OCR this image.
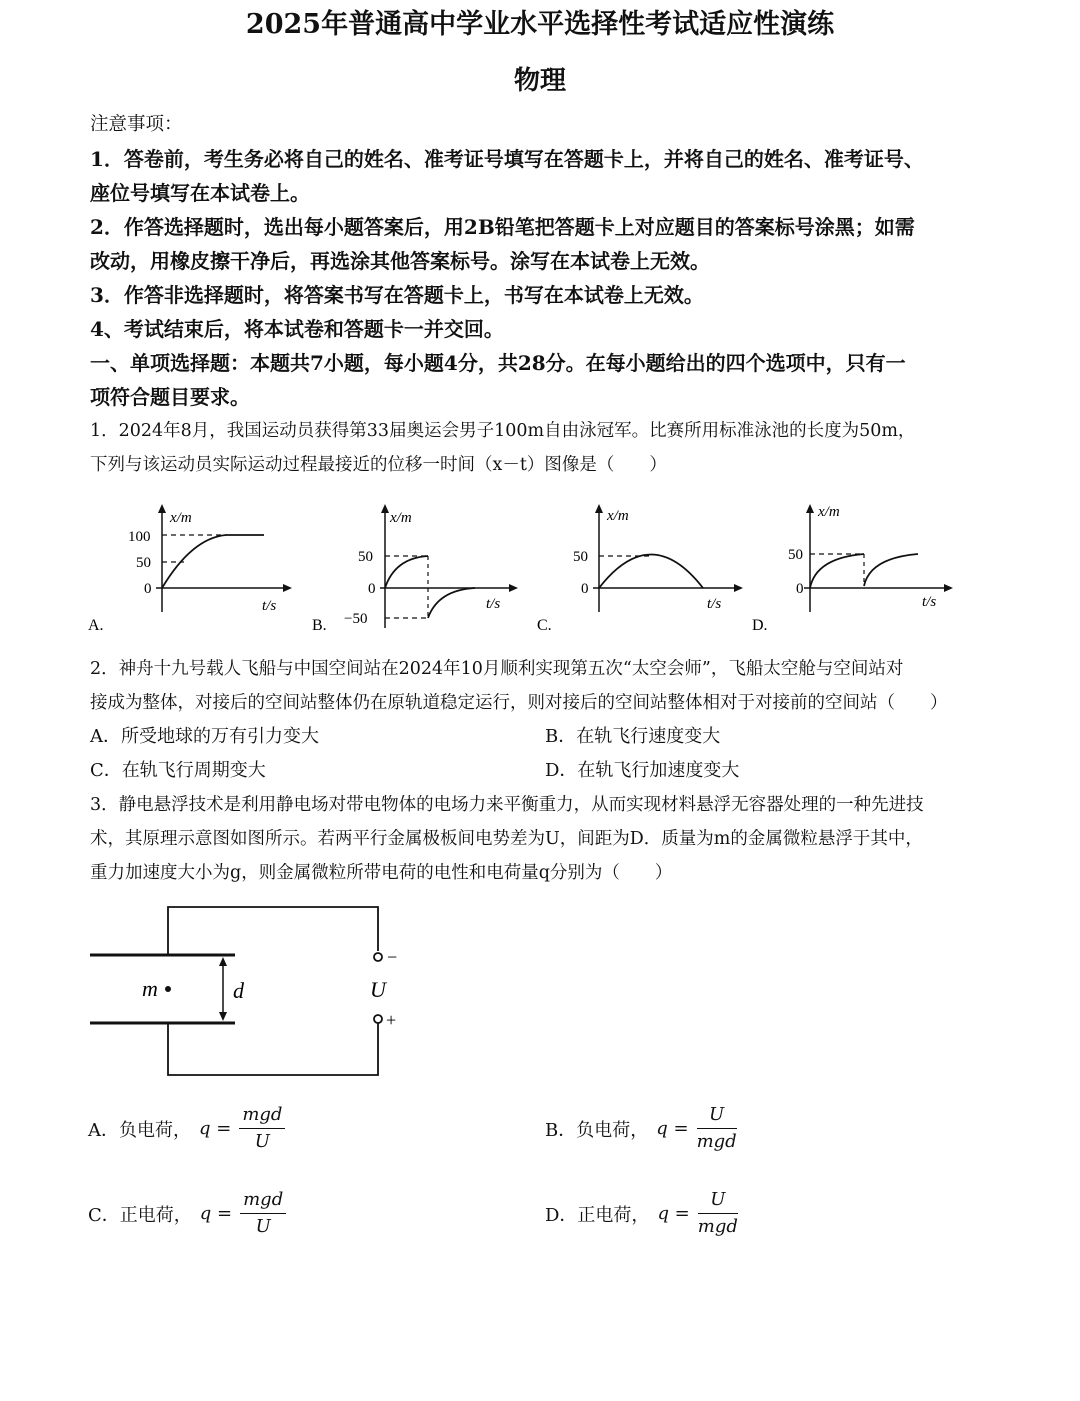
2025年普通高中学业水平选择性考试适应性演练
物理
注意事项：
1．答卷前，考生务必将自己的姓名、准考证号填写在答题卡上，并将自己的姓名、准考证号、
座位号填写在本试卷上。
2．作答选择题时，选出每小题答案后，用2B铅笔把答题卡上对应题目的答案标号涂黑；如需
改动，用橡皮擦干净后，再选涂其他答案标号。涂写在本试卷上无效。
3．作答非选择题时，将答案书写在答题卡上，书写在本试卷上无效。
4、考试结束后，将本试卷和答题卡一并交回。
一、单项选择题：本题共7小题，每小题4分，共28分。在每小题给出的四个选项中，只有一
项符合题目要求。
1．2024年8月，我国运动员获得第33届奥运会男子100m自由泳冠军。比赛所用标准泳池的长度为50m，
下列与该运动员实际运动过程最接近的位移一时间（x－t）图像是（　　）
x/m
t/s
100
50
0
A.
x/m
t/s
50
0
−50
B.
x/m
t/s
50
0
C.
x/m
t/s
50
0
D.
2．神舟十九号载人飞船与中国空间站在2024年10月顺利实现第五次“太空会师”，飞船太空舱与空间站对
接成为整体，对接后的空间站整体仍在原轨道稳定运行，则对接后的空间站整体相对于对接前的空间站（　　）
A．所受地球的万有引力变大	B．在轨飞行速度变大
C．在轨飞行周期变大	D．在轨飞行加速度变大
3．静电悬浮技术是利用静电场对带电物体的电场力来平衡重力，从而实现材料悬浮无容器处理的一种先进技
术，其原理示意图如图所示。若两平行金属极板间电势差为U，间距为D．质量为m的金属微粒悬浮于其中，
重力加速度大小为g，则金属微粒所带电荷的电性和电荷量q分别为（　　）
m	d	U
−
+
A．负电荷， $q = \frac{\text{mgd}}{U}$	B．负电荷， $q = \frac{U}{\text{mgd}}$
C．正电荷， $q = \frac{\text{mgd}}{U}$	D．正电荷， $q = \frac{U}{\text{mgd}}$
